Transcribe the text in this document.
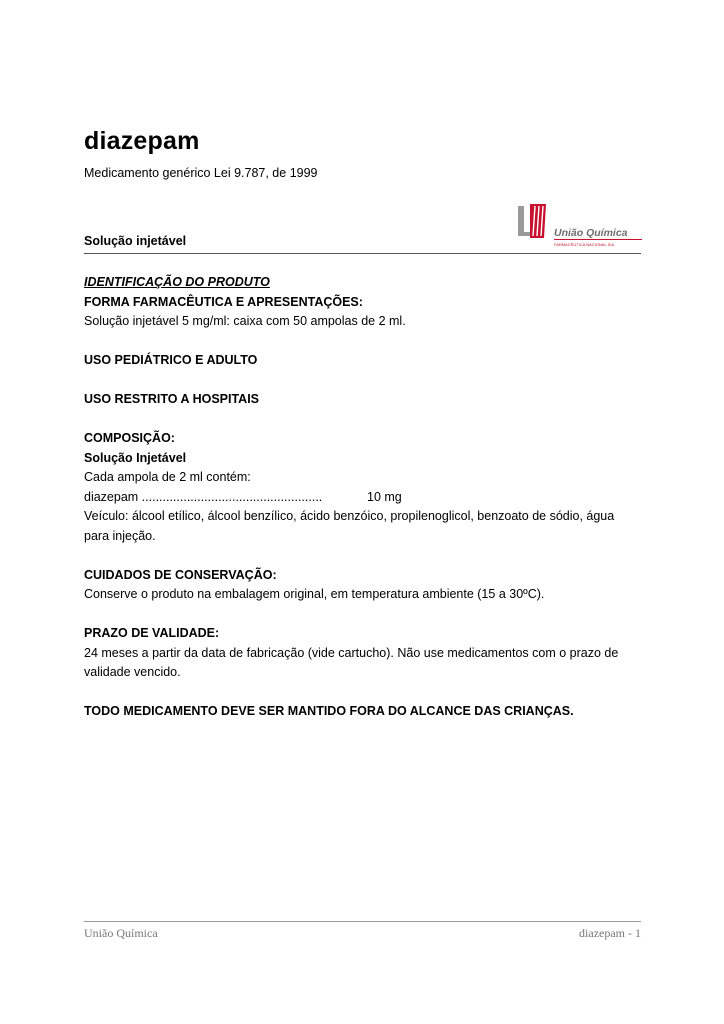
diazepam
Medicamento genérico Lei 9.787, de 1999
Solução injetável
União Química
FARMACÊUTICA NACIONAL S/A

IDENTIFICAÇÃO DO PRODUTO

FORMA FARMACÊUTICA E APRESENTAÇÕES:

Solução injetável 5 mg/ml: caixa com 50 ampolas de 2 ml.

USO PEDIÁTRICO E ADULTO

USO RESTRITO A HOSPITAIS

COMPOSIÇÃO:

Solução Injetável

Cada ampola de 2 ml contém:

diazepam ....................................................	10 mg

Veículo: álcool etílico, álcool benzílico, ácido benzóico, propilenoglicol, benzoato de sódio, água para injeção.

CUIDADOS DE CONSERVAÇÃO:

Conserve o produto na embalagem original, em temperatura ambiente (15 a 30ºC).

PRAZO DE VALIDADE:

24 meses a partir da data de fabricação (vide cartucho). Não use medicamentos com o prazo de validade vencido.

TODO MEDICAMENTO DEVE SER MANTIDO FORA DO ALCANCE DAS CRIANÇAS.

União Química	diazepam - 1
